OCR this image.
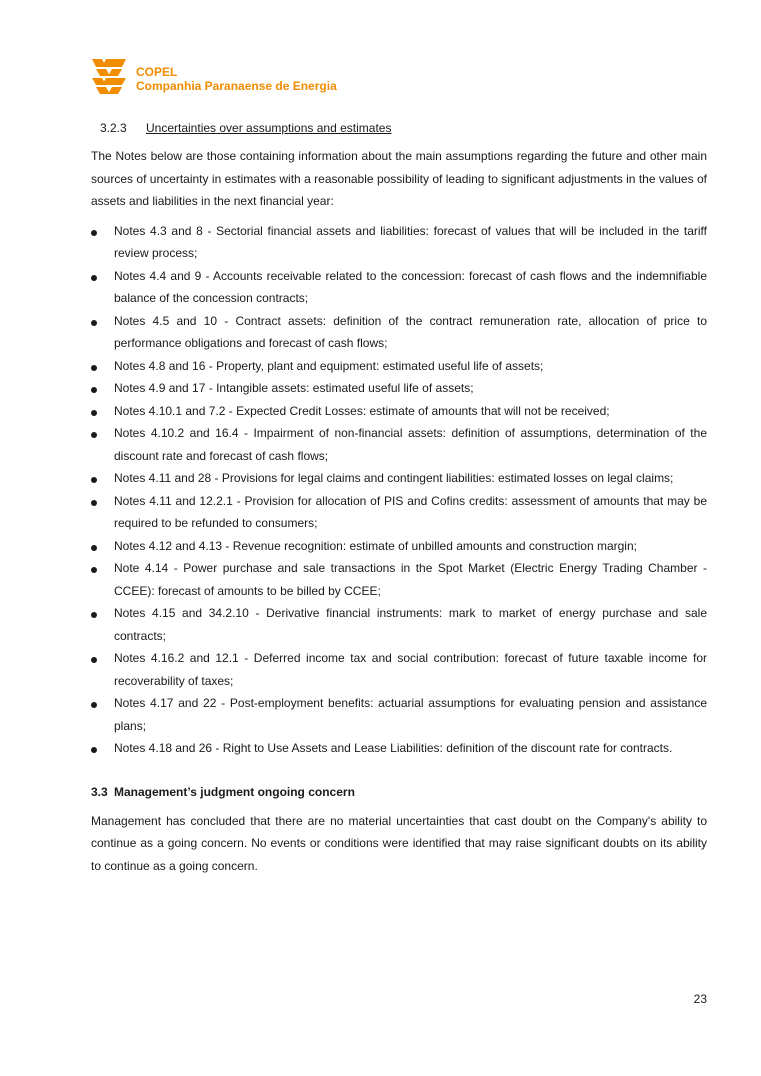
COPEL
Companhia Paranaense de Energia
3.2.3	Uncertainties over assumptions and estimates

The Notes below are those containing information about the main assumptions regarding the future and other main sources of uncertainty in estimates with a reasonable possibility of leading to significant adjustments in the values of assets and liabilities in the next financial year:

Notes 4.3 and 8 - Sectorial financial assets and liabilities: forecast of values that will be included in the tariff review process;
Notes 4.4 and 9 - Accounts receivable related to the concession: forecast of cash flows and the indemnifiable balance of the concession contracts;
Notes 4.5 and 10 - Contract assets: definition of the contract remuneration rate, allocation of price to performance obligations and forecast of cash flows;
Notes 4.8 and 16 - Property, plant and equipment: estimated useful life of assets;
Notes 4.9 and 17 - Intangible assets: estimated useful life of assets;
Notes 4.10.1 and 7.2 - Expected Credit Losses: estimate of amounts that will not be received;
Notes 4.10.2 and 16.4 - Impairment of non-financial assets: definition of assumptions, determination of the discount rate and forecast of cash flows;
Notes 4.11 and 28 - Provisions for legal claims and contingent liabilities: estimated losses on legal claims;
Notes 4.11 and 12.2.1 - Provision for allocation of PIS and Cofins credits: assessment of amounts that may be required to be refunded to consumers;
Notes 4.12 and 4.13 - Revenue recognition: estimate of unbilled amounts and construction margin;
Note 4.14 - Power purchase and sale transactions in the Spot Market (Electric Energy Trading Chamber - CCEE): forecast of amounts to be billed by CCEE;
Notes 4.15 and 34.2.10 - Derivative financial instruments: mark to market of energy purchase and sale contracts;
Notes 4.16.2 and 12.1 - Deferred income tax and social contribution: forecast of future taxable income for recoverability of taxes;
Notes 4.17 and 22 - Post-employment benefits: actuarial assumptions for evaluating pension and assistance plans;
Notes 4.18 and 26 - Right to Use Assets and Lease Liabilities: definition of the discount rate for contracts.
3.3 Management’s judgment ongoing concern

Management has concluded that there are no material uncertainties that cast doubt on the Company's ability to continue as a going concern. No events or conditions were identified that may raise significant doubts on its ability to continue as a going concern.

23
